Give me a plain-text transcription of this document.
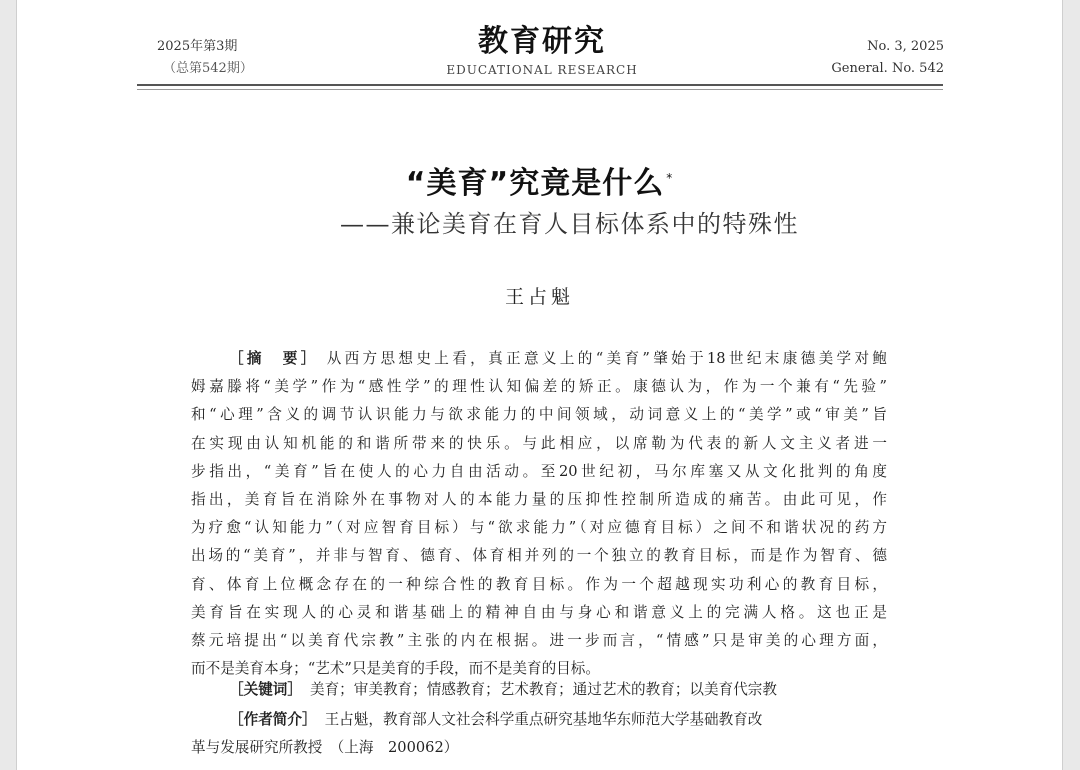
2025年第3期
（总第542期）
教育研究
EDUCATIONAL RESEARCH
No. 3, 2025
General. No. 542
“美育”究竟是什么 *
——兼论美育在育人目标体系中的特殊性
王占魁
［摘　要］ 从西方思想史上看，真正意义上的“美育”肇始于18世纪末康德美学对鲍
姆嘉滕将“美学”作为“感性学”的理性认知偏差的矫正。康德认为，作为一个兼有“先验”
和“心理”含义的调节认识能力与欲求能力的中间领域，动词意义上的“美学”或“审美”旨
在实现由认知机能的和谐所带来的快乐。与此相应，以席勒为代表的新人文主义者进一
步指出，“美育”旨在使人的心力自由活动。至20世纪初，马尔库塞又从文化批判的角度
指出，美育旨在消除外在事物对人的本能力量的压抑性控制所造成的痛苦。由此可见，作
为疗愈“认知能力”（对应智育目标）与“欲求能力”（对应德育目标）之间不和谐状况的药方
出场的“美育”，并非与智育、德育、体育相并列的一个独立的教育目标，而是作为智育、德
育、体育上位概念存在的一种综合性的教育目标。作为一个超越现实功利心的教育目标，
美育旨在实现人的心灵和谐基础上的精神自由与身心和谐意义上的完满人格。这也正是
蔡元培提出“以美育代宗教”主张的内在根据。进一步而言，“情感”只是审美的心理方面，
而不是美育本身；“艺术”只是美育的手段，而不是美育的目标。
［关键词］ 美育；审美教育；情感教育；艺术教育；通过艺术的教育；以美育代宗教
［作者简介］ 王占魁，教育部人文社会科学重点研究基地华东师范大学基础教育改
革与发展研究所教授　（上海　200062）
